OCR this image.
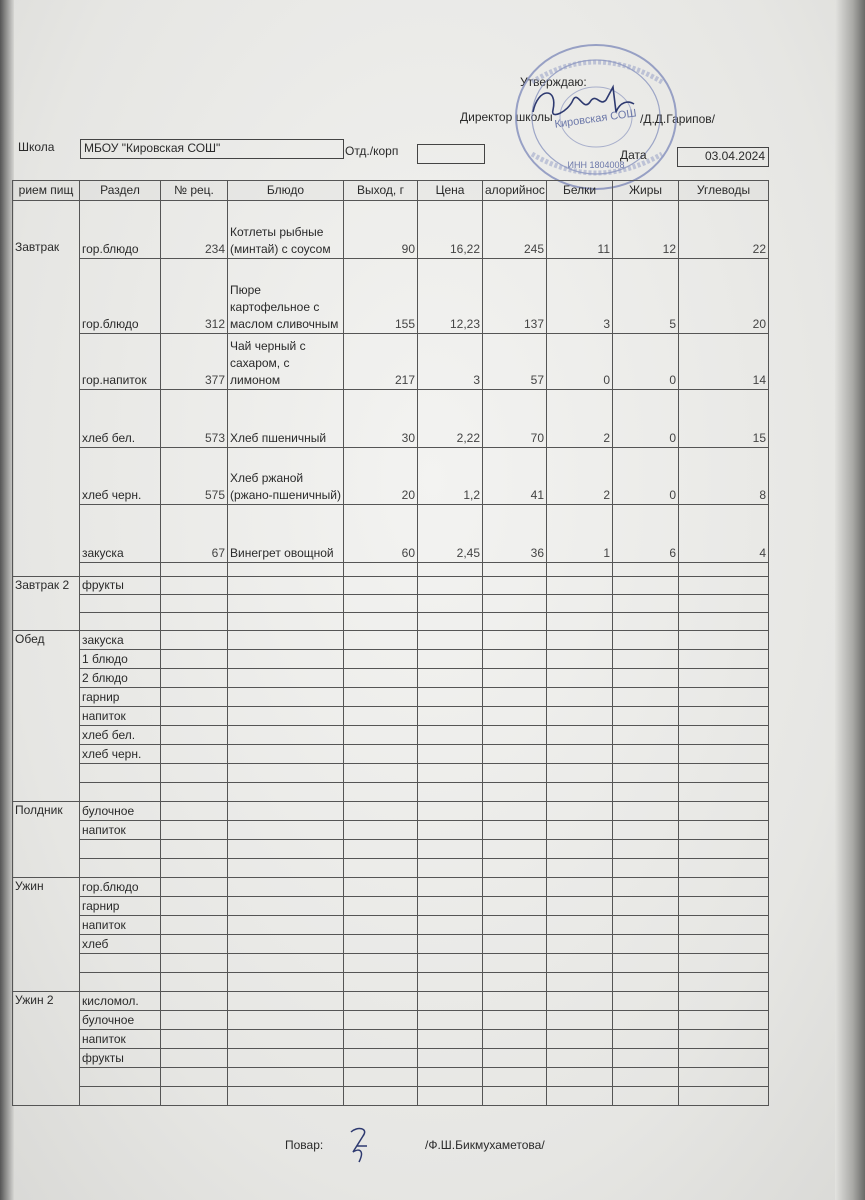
Утверждаю:
Директор школы	/Д.Д.Гарипов/
Кировская СОШ
ИНН 1804008
Школа МБОУ "Кировская СОШ"	Отд./корп	Дата	03.04.2024
риeм пищ	Раздел	№ рец.	Блюдо	Выход, г	Цена	алорийнос	Белки	Жиры	Углеводы
Завтрак	гор.блюдо	234	Котлеты рыбные (минтай) с соусом	90	16,22	245	11	12	22
	гор.блюдо	312	Пюре картофельное с маслом сливочным	155	12,23	137	3	5	20
	гор.напиток	377	Чай черный с сахаром, с лимоном	217	3	57	0	0	14
	хлеб бел.	573	Хлеб пшеничный	30	2,22	70	2	0	15
	хлеб черн.	575	Хлеб ржаной (ржано-пшеничный)	20	1,2	41	2	0	8
	закуска	67	Винегрет овощной	60	2,45	36	1	6	4

Завтрак 2	фрукты								

Обед	закуска								
	1 блюдо								
	2 блюдо								
	гарнир								
	напиток								
	хлеб бел.								
	хлеб черн.								

Полдник	булочное								
	напиток								

Ужин	гор.блюдо								
	гарнир								
	напиток								
	хлеб								

Ужин 2	кисломол.								
	булочное								
	напиток								
	фрукты								

Повар:	/Ф.Ш.Бикмухаметова/
